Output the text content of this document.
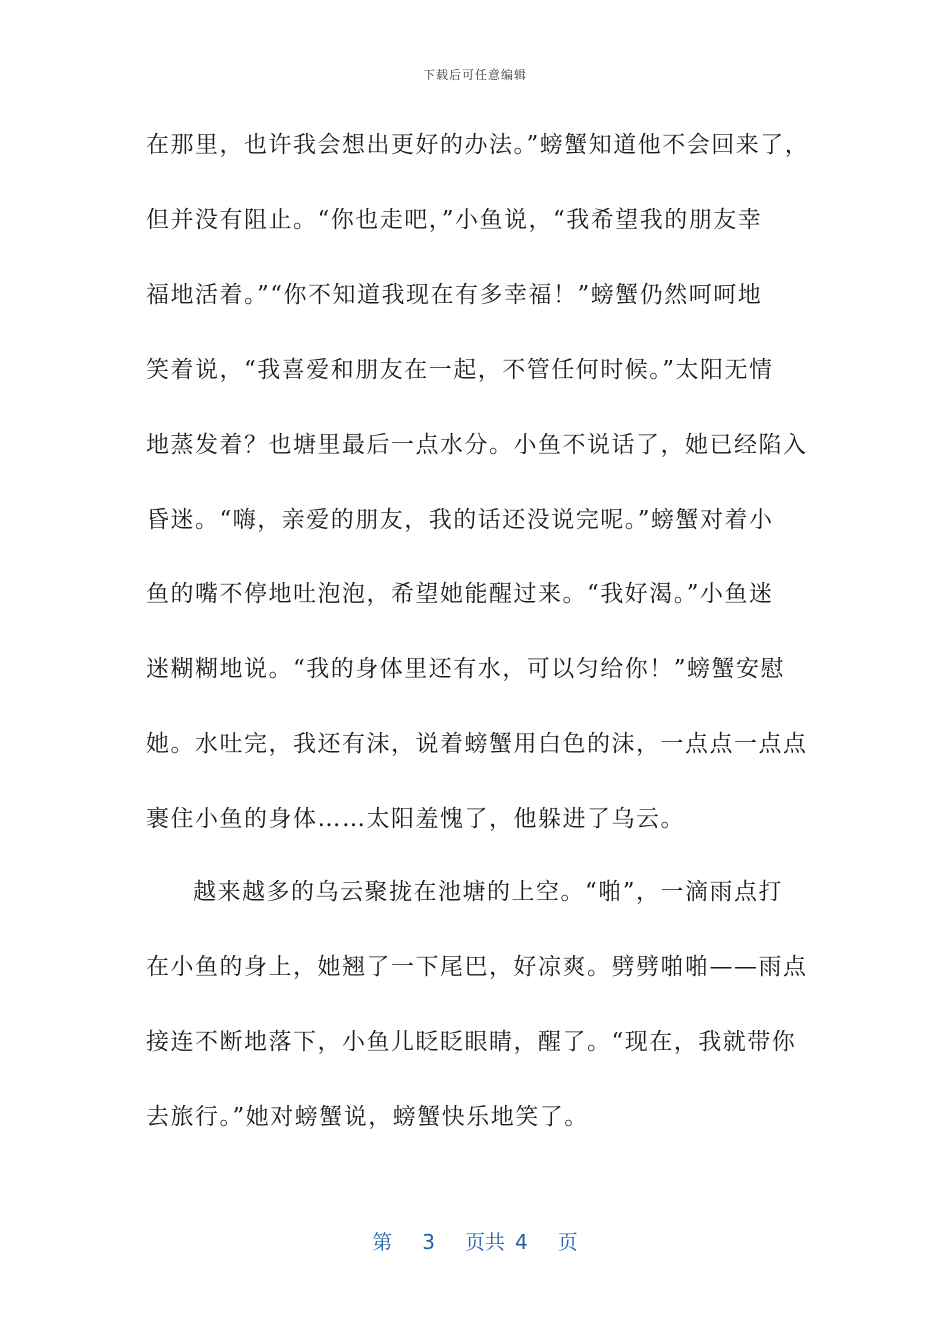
下载后可任意编辑
在那里，也许我会想出更好的办法。”螃蟹知道他不会回来了，
但并没有阻止。“你也走吧，”小鱼说，“我希望我的朋友幸
福地活着。”“你不知道我现在有多幸福！”螃蟹仍然呵呵地
笑着说，“我喜爱和朋友在一起，不管任何时候。”太阳无情
地蒸发着？也塘里最后一点水分。小鱼不说话了，她已经陷入
昏迷。“嗨，亲爱的朋友，我的话还没说完呢。”螃蟹对着小
鱼的嘴不停地吐泡泡，希望她能醒过来。“我好渴。”小鱼迷
迷糊糊地说。“我的身体里还有水，可以匀给你！”螃蟹安慰
她。水吐完，我还有沫，说着螃蟹用白色的沫，一点点一点点
裹住小鱼的身体……太阳羞愧了，他躲进了乌云。
越来越多的乌云聚拢在池塘的上空。“啪”，一滴雨点打
在小鱼的身上，她翘了一下尾巴，好凉爽。劈劈啪啪——雨点
接连不断地落下，小鱼儿眨眨眼睛，醒了。“现在，我就带你
去旅行。”她对螃蟹说，螃蟹快乐地笑了。
第 3 页共 4 页
